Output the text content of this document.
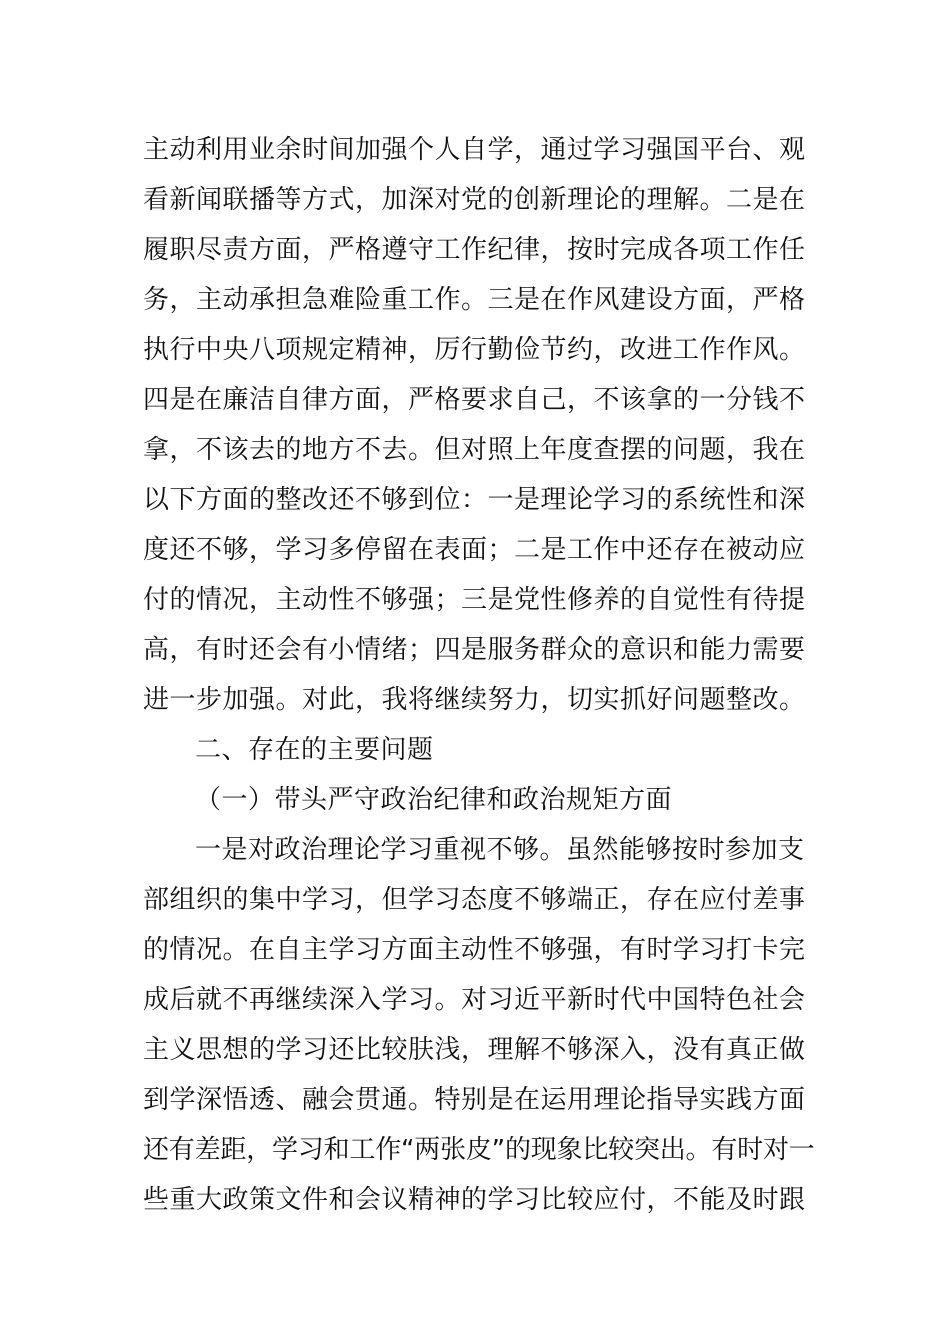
主动利用业余时间加强个人自学，通过学习强国平台、观
看新闻联播等方式，加深对党的创新理论的理解。二是在
履职尽责方面，严格遵守工作纪律，按时完成各项工作任
务，主动承担急难险重工作。三是在作风建设方面，严格
执行中央八项规定精神，厉行勤俭节约，改进工作作风。
四是在廉洁自律方面，严格要求自己，不该拿的一分钱不
拿，不该去的地方不去。但对照上年度查摆的问题，我在
以下方面的整改还不够到位：一是理论学习的系统性和深
度还不够，学习多停留在表面；二是工作中还存在被动应
付的情况，主动性不够强；三是党性修养的自觉性有待提
高，有时还会有小情绪；四是服务群众的意识和能力需要
进一步加强。对此，我将继续努力，切实抓好问题整改。
二、存在的主要问题
（一）带头严守政治纪律和政治规矩方面
一是对政治理论学习重视不够。虽然能够按时参加支
部组织的集中学习，但学习态度不够端正，存在应付差事
的情况。在自主学习方面主动性不够强，有时学习打卡完
成后就不再继续深入学习。对习近平新时代中国特色社会
主义思想的学习还比较肤浅，理解不够深入，没有真正做
到学深悟透、融会贯通。特别是在运用理论指导实践方面
还有差距，学习和工作“两张皮”的现象比较突出。有时对一
些重大政策文件和会议精神的学习比较应付，不能及时跟
